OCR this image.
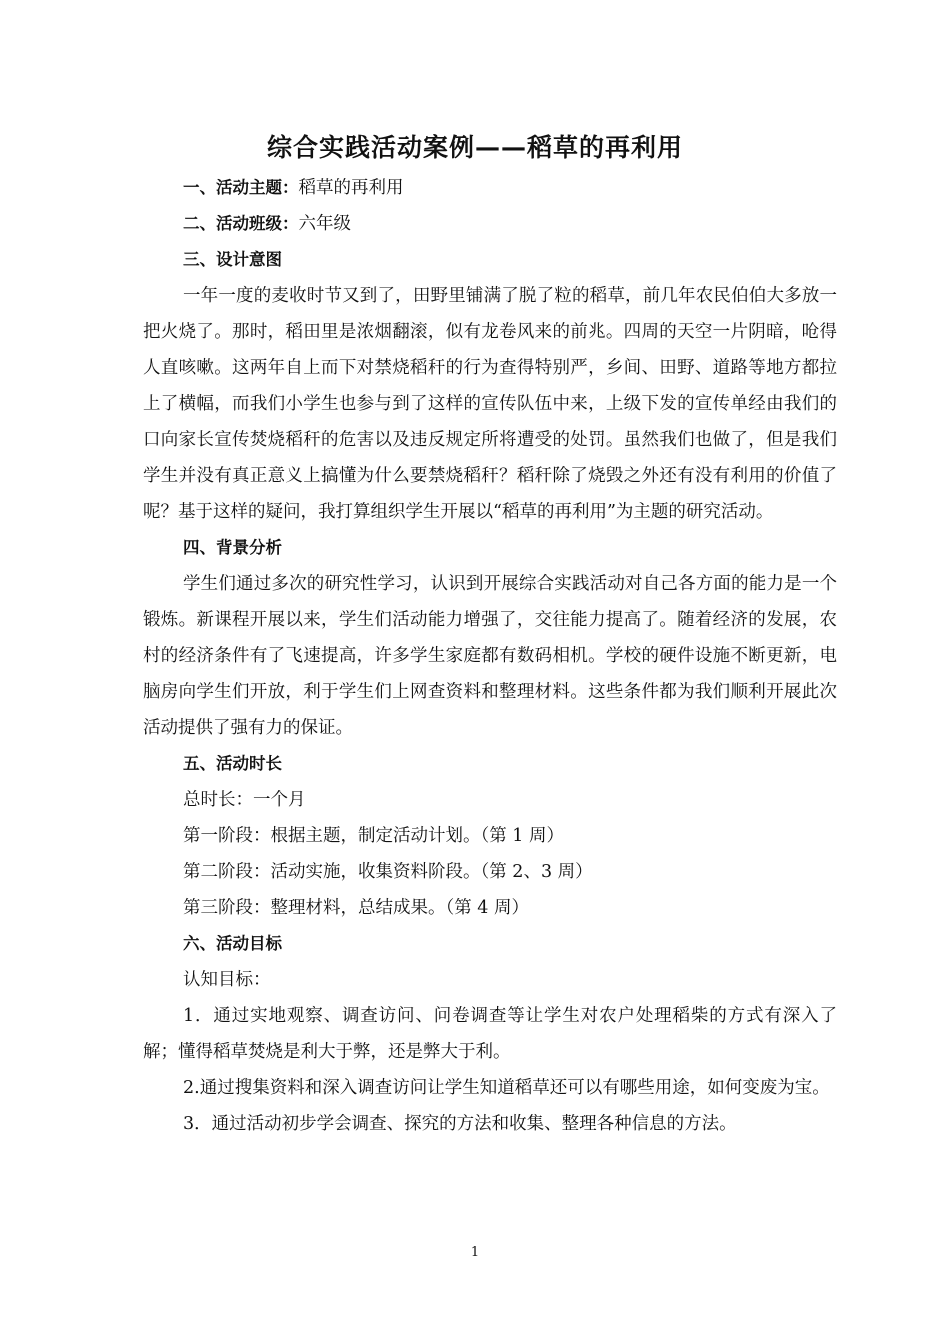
综合实践活动案例——稻草的再利用

一、活动主题：稻草的再利用

二、活动班级：六年级

三、设计意图

一年一度的麦收时节又到了，田野里铺满了脱了粒的稻草，前几年农民伯伯大多放一把火烧了。那时，稻田里是浓烟翻滚，似有龙卷风来的前兆。四周的天空一片阴暗，呛得人直咳嗽。这两年自上而下对禁烧稻秆的行为查得特别严，乡间、田野、道路等地方都拉上了横幅，而我们小学生也参与到了这样的宣传队伍中来，上级下发的宣传单经由我们的口向家长宣传焚烧稻秆的危害以及违反规定所将遭受的处罚。虽然我们也做了，但是我们学生并没有真正意义上搞懂为什么要禁烧稻秆？稻秆除了烧毁之外还有没有利用的价值了呢？基于这样的疑问，我打算组织学生开展以“稻草的再利用”为主题的研究活动。

四、背景分析

学生们通过多次的研究性学习，认识到开展综合实践活动对自己各方面的能力是一个锻炼。新课程开展以来，学生们活动能力增强了，交往能力提高了。随着经济的发展，农村的经济条件有了飞速提高，许多学生家庭都有数码相机。学校的硬件设施不断更新，电脑房向学生们开放，利于学生们上网查资料和整理材料。这些条件都为我们顺利开展此次活动提供了强有力的保证。

五、活动时长

总时长：一个月

第一阶段：根据主题，制定活动计划。（第 1 周）

第二阶段：活动实施，收集资料阶段。（第 2、3 周）

第三阶段：整理材料，总结成果。（第 4 周）

六、活动目标

认知目标：

1．通过实地观察、调查访问、问卷调查等让学生对农户处理稻柴的方式有深入了解；懂得稻草焚烧是利大于弊，还是弊大于利。

2.通过搜集资料和深入调查访问让学生知道稻草还可以有哪些用途，如何变废为宝。

3．通过活动初步学会调查、探究的方法和收集、整理各种信息的方法。

1
